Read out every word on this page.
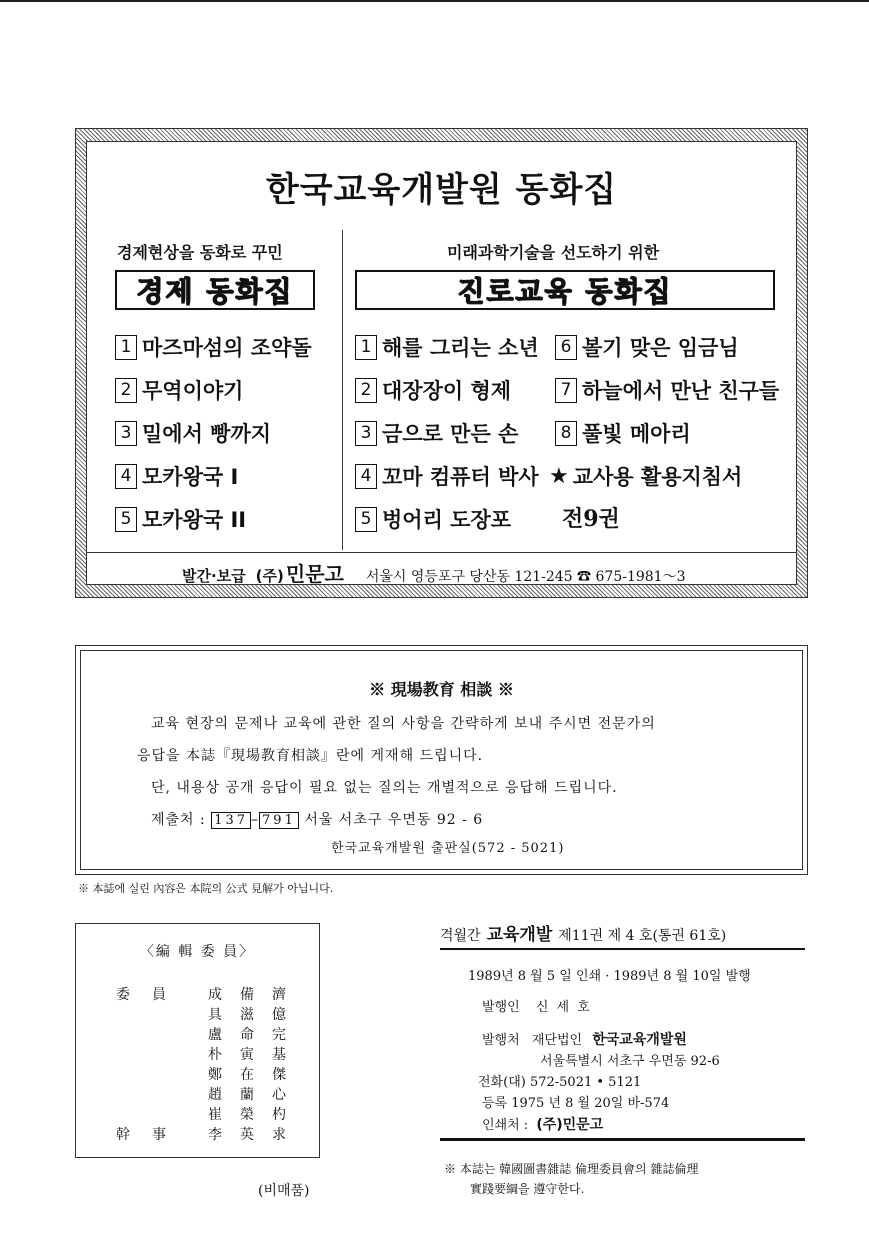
한국교육개발원 동화집
경제현상을 동화로 꾸민
경제 동화집
미래과학기술을 선도하기 위한
진로교육 동화집
1 마즈마섬의 조약돌
2 무역이야기
3 밀에서 빵까지
4 모카왕국 I
5 모카왕국 II
1 해를 그리는 소년
2 대장장이 형제
3 금으로 만든 손
4 꼬마 컴퓨터 박사
5 벙어리 도장포
6 볼기 맞은 임금님
7 하늘에서 만난 친구들
8 풀빛 메아리
★ 교사용 활용지침서
전9권
발간·보급 (주) 민문고 서울시 영등포구 당산동 121-245 ☎ 675-1981～3
※ 現場教育 相談 ※
교육 현장의 문제나 교육에 관한 질의 사항을 간략하게 보내 주시면 전문가의
응답을 本誌『現場教育相談』란에 게재해 드립니다.
단, 내용상 공개 응답이 필요 없는 질의는 개별적으로 응답해 드립니다.
제출처 : 137 – 791 서울 서초구 우면동 92 - 6
한국교육개발원 출판실(572 - 5021)
※ 本誌에 실린 內容은 本院의 公式 見解가 아닙니다.
〈編 輯 委 員〉
委員	成 備 濟
具 滋 億
盧 命 完
朴 寅 基
鄭 在 傑
趙 蘭 心
崔 榮 杓
幹事	李 英 求
(비매품)
격월간 교육개발 제11권 제 4 호(통권 61호)
1989년 8 월 5 일 인쇄 · 1989년 8 월 10일 발행
발행인 신 세 호
발행처 재단법인 한국교육개발원
서울특별시 서초구 우면동 92-6
전화(대) 572-5021 • 5121
등록 1975 년 8 월 20일 바-574
인쇄처 : (주)민문고
※ 本誌는 韓國圖書雜誌 倫理委員會의 雜誌倫理
實踐要綱을 遵守한다.
